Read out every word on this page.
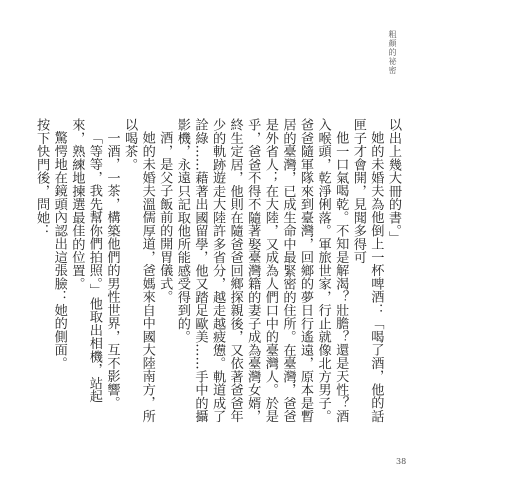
粗顏的祕密

以出上幾大冊的書。」

她的未婚夫為他倒上一杯啤酒：「喝了酒，他的話匣子才會開，見聞多得可

他一口氣喝乾。不知是解渴？壯膽？還是天性？酒入喉頭，乾淨俐落。軍旅世家，行止就像北方男子。爸爸隨軍隊來到臺灣，回鄉的夢日行遙遠，原本是暫居的臺灣，已成生命中最緊密的住所。在臺灣，爸爸是外省人；在大陸，又成為人們口中的臺灣人。於是乎，爸爸不得不隨著娶臺灣籍的妻子成為臺灣女婿，終生定居，他則在隨爸爸回鄉探親後，又依著爸爸年少的軌跡遊走大陸許多省分，越走越疲憊。軌道成了詮綠……藉著出國留學，他又踏足歐美……手中的攝影機，永遠只記取他所能感受得到的。

酒，是父子飯前的開胃儀式。

她的未婚夫溫儒厚道，爸媽來自中國大陸南方，所以喝茶。

一酒，一茶，構築他們的男性世界，互不影響。

「等等，我先幫你們拍照。」他取出相機，站起來，熟練地揀選最佳的位置。

驚愕地在鏡頭內認出這張臉：她的側面。

按下快門後，問她：

38
